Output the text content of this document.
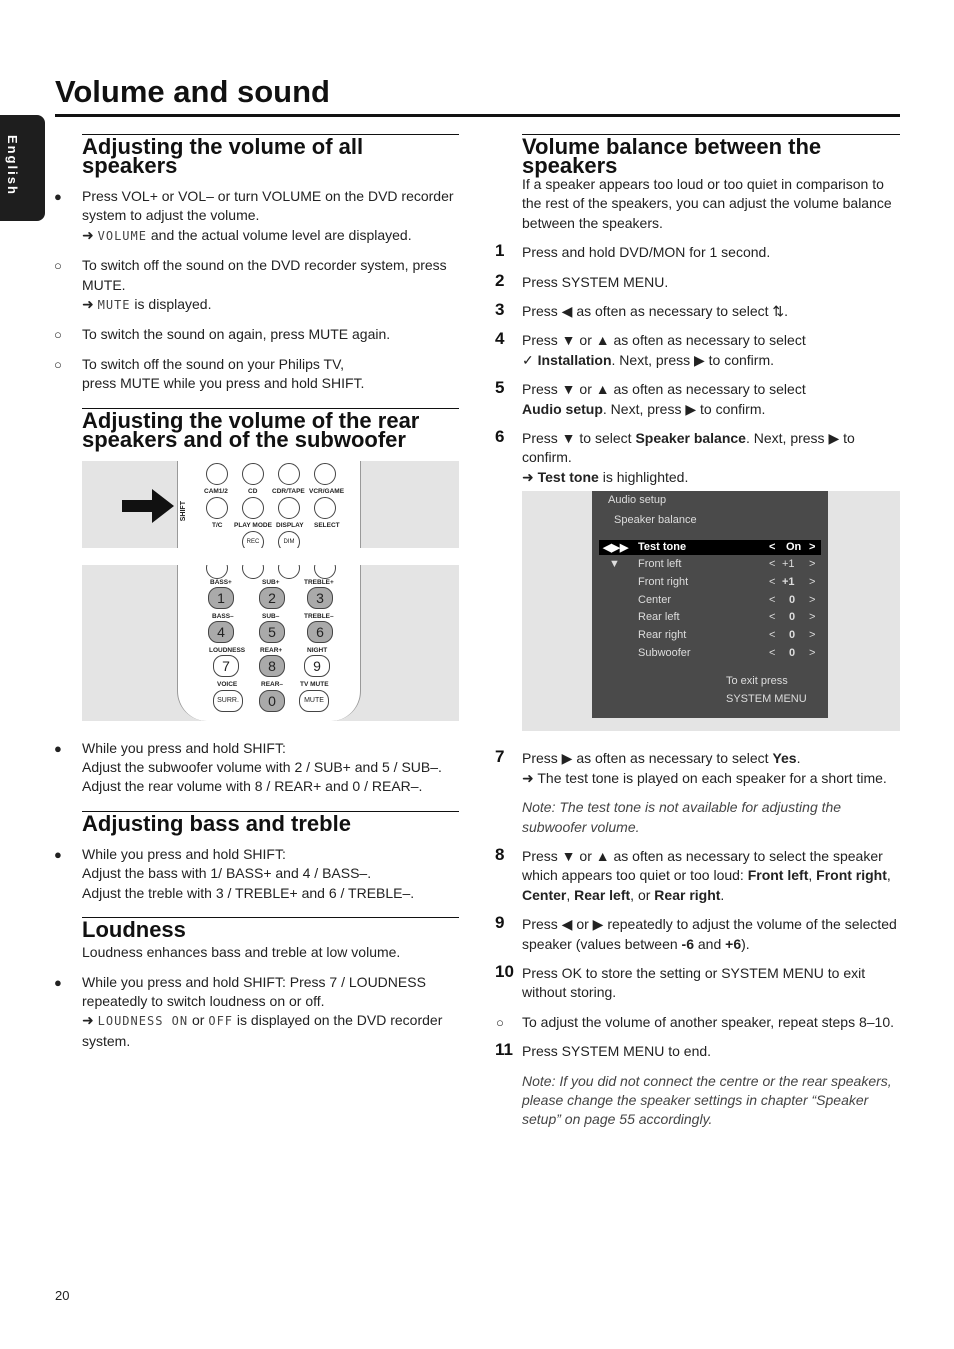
English
Volume and sound
Adjusting the volume of all speakers
● Press VOL+ or VOL– or turn VOLUME on the DVD recorder system to adjust the volume.

➜ VOLUME and the actual volume level are displayed.

○ To switch off the sound on the DVD recorder system, press MUTE.

➜ MUTE is displayed.

○ To switch the sound on again, press MUTE again.

○ To switch off the sound on your Philips TV,

press MUTE while you press and hold SHIFT.

Adjusting the volume of the rear speakers and of the subwoofer
SHIFT
CAM1/2	CD CDR/TAPE VCR/GAME
T/C PLAY MODE DISPLAY SELECT
REC	DIM
BASS+	SUB+	TREBLE+
1	2	3
BASS–	SUB–	TREBLE–
4	5	6
LOUDNESS REAR+	NIGHT
7	8	9
VOICE	REAR–	TV MUTE
SURR.	0	MUTE
● While you press and hold SHIFT:

Adjust the subwoofer volume with 2 / SUB+ and 5 / SUB–.

Adjust the rear volume with 8 / REAR+ and 0 / REAR–.

Adjusting bass and treble
● While you press and hold SHIFT:

Adjust the bass with 1/ BASS+ and 4 / BASS–.

Adjust the treble with 3 / TREBLE+ and 6 / TREBLE–.

Loudness

Loudness enhances bass and treble at low volume.

● While you press and hold SHIFT: Press 7 / LOUDNESS repeatedly to switch loudness on or off.

➜ LOUDNESS ON or OFF is displayed on the DVD recorder system.

Volume balance between the speakers

If a speaker appears too loud or too quiet in comparison to the rest of the speakers, you can adjust the volume balance between the speakers.

1 Press and hold DVD/MON for 1 second.

2 Press SYSTEM MENU.

3 Press ◀ as often as necessary to select ⇅.

4 Press ▼ or ▲ as often as necessary to select

✓ Installation. Next, press ▶ to confirm.

5 Press ▼ or ▲ as often as necessary to select

Audio setup. Next, press ▶ to confirm.

6 Press ▼ to select Speaker balance. Next, press ▶ to confirm.

➜ Test tone is highlighted.

Audio setup
Speaker balance
◀▶▶ Test tone	< On >
▼ Front left	< +1 >
Front right	< +1 >
Center	< 0 >
Rear left	< 0 >
Rear right	< 0 >
Subwoofer	< 0 >
To exit press
SYSTEM MENU
7 Press ▶ as often as necessary to select Yes.

➜ The test tone is played on each speaker for a short time.

Note: The test tone is not available for adjusting the subwoofer volume.

8 Press ▼ or ▲ as often as necessary to select the speaker which appears too quiet or too loud: Front left, Front right, Center, Rear left, or Rear right.

9 Press ◀ or ▶ repeatedly to adjust the volume of the selected speaker (values between -6 and +6).

10 Press OK to store the setting or SYSTEM MENU to exit without storing.

○ To adjust the volume of another speaker, repeat steps 8–10.

11 Press SYSTEM MENU to end.

Note: If you did not connect the centre or the rear speakers, please change the speaker settings in chapter “Speaker setup” on page 55 accordingly.

20
